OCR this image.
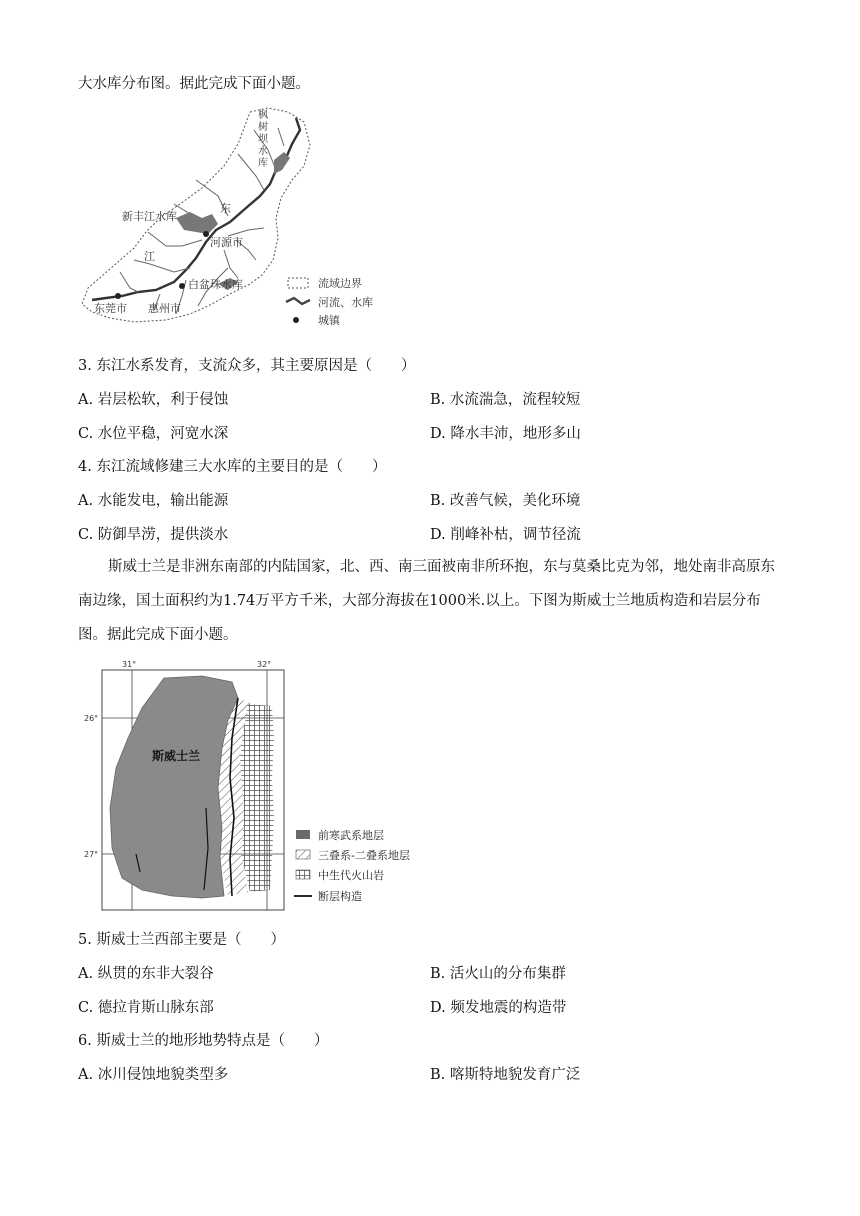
大水库分布图。据此完成下面小题。
枫
树
坝
水
库
新丰江水库
东
河源市
江
白盆珠水库
东莞市 惠州市
流域边界
河流、水库
城镇
3. 东江水系发育，支流众多，其主要原因是（　　）
A. 岩层松软，利于侵蚀	B. 水流湍急，流程较短
C. 水位平稳，河宽水深	D. 降水丰沛，地形多山
4. 东江流域修建三大水库的主要目的是（　　）
A. 水能发电，输出能源	B. 改善气候，美化环境
C. 防御旱涝，提供淡水	D. 削峰补枯，调节径流
斯威士兰是非洲东南部的内陆国家，北、西、南三面被南非所环抱，东与莫桑比克为邻，地处南非高原东南边缘，国土面积约为1.74万平方千米，大部分海拔在1000米.以上。下图为斯威士兰地质构造和岩层分布图。据此完成下面小题。
31°	32°
26°
27°
斯威士兰
前寒武系地层
三叠系-二叠系地层
中生代火山岩
断层构造
5. 斯威士兰西部主要是（　　）
A. 纵贯的东非大裂谷	B. 活火山的分布集群
C. 德拉肯斯山脉东部	D. 频发地震的构造带
6. 斯威士兰的地形地势特点是（　　）
A. 冰川侵蚀地貌类型多	B. 喀斯特地貌发育广泛
